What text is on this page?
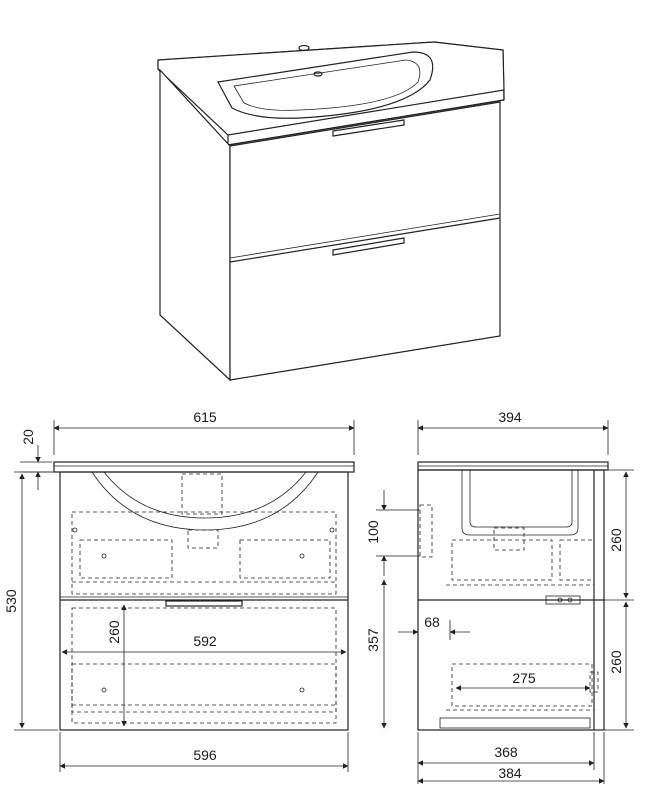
615
20
530
260	592
596
394
260
260
100
357
68
275
368
384
